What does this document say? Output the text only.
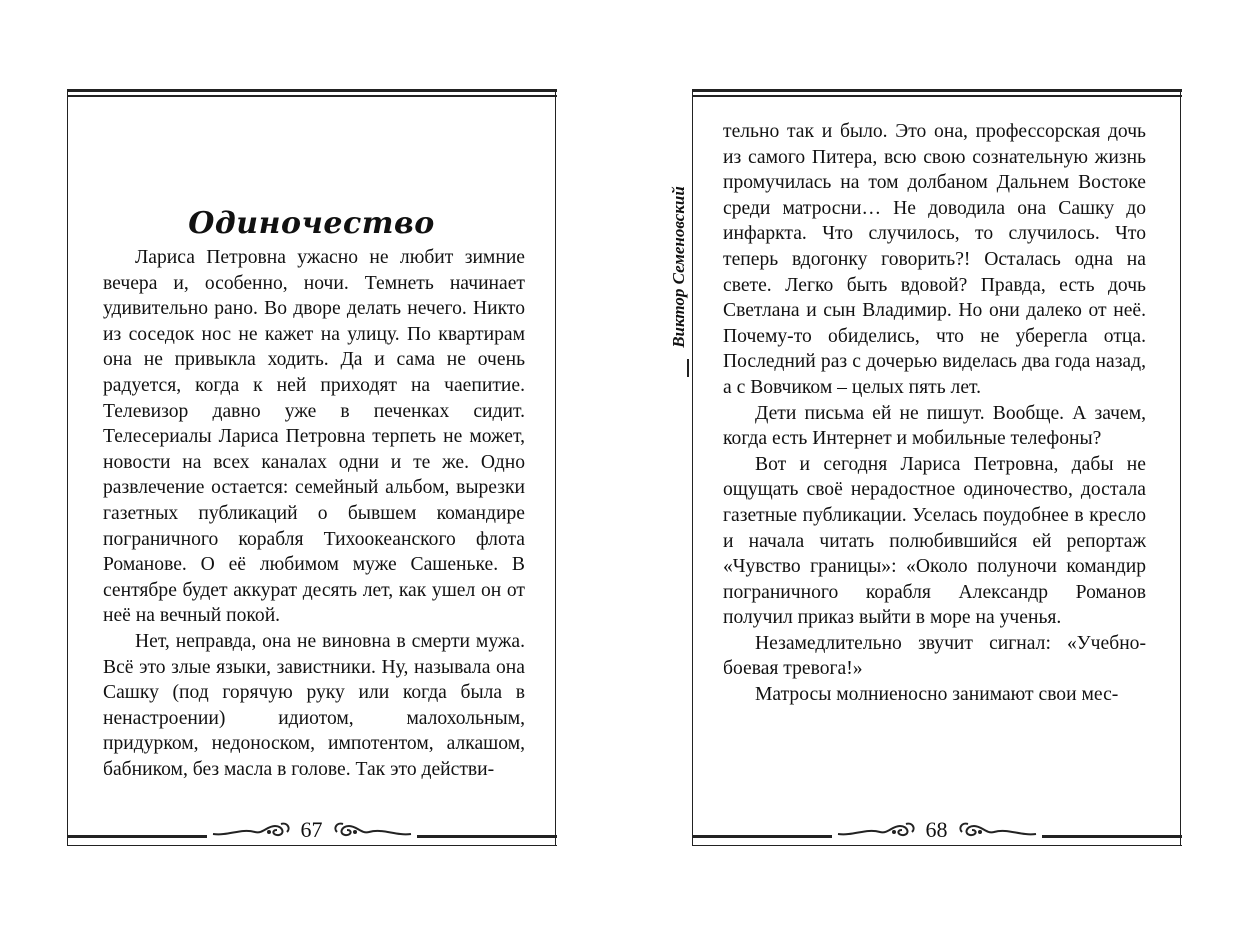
Одиночество

Лариса Петровна ужасно не любит зимние вечера и, особенно, ночи. Темнеть начинает удивительно рано. Во дворе делать нечего. Никто из соседок нос не кажет на улицу. По квартирам она не привыкла ходить. Да и сама не очень радуется, когда к ней приходят на чаепитие. Телевизор давно уже в печенках сидит. Телесериалы Лариса Петровна терпеть не может, новости на всех каналах одни и те же. Одно развлечение остается: семейный альбом, вырезки газетных публикаций о бывшем командире пограничного корабля Тихоокеанского флота Романове. О её любимом муже Сашеньке. В сентябре будет аккурат десять лет, как ушел он от неё на вечный покой.

Нет, неправда, она не виновна в смерти мужа. Всё это злые языки, завистники. Ну, называла она Сашку (под горячую руку или когда была в ненастроении) идиотом, малохольным, придурком, недоноском, импотентом, алкашом, бабником, без масла в голове. Так это действи-

67
Виктор Семеновский

тельно так и было. Это она, профессорская дочь из самого Питера, всю свою сознательную жизнь промучилась на том долбаном Дальнем Востоке среди матросни… Не доводила она Сашку до инфаркта. Что случилось, то случилось. Что теперь вдогонку говорить?! Осталась одна на свете. Легко быть вдовой? Правда, есть дочь Светлана и сын Владимир. Но они далеко от неё. Почему-то обиделись, что не уберегла отца. Последний раз с дочерью виделась два года назад, а с Вовчиком – целых пять лет.

Дети письма ей не пишут. Вообще. А зачем, когда есть Интернет и мобильные телефоны?

Вот и сегодня Лариса Петровна, дабы не ощущать своё нерадостное одиночество, достала газетные публикации. Уселась поудобнее в кресло и начала читать полюбившийся ей репортаж «Чувство границы»: «Около полуночи командир пограничного корабля Александр Романов получил приказ выйти в море на ученья.

Незамедлительно звучит сигнал: «Учебно-боевая тревога!»

Матросы молниеносно занимают свои мес-

68
